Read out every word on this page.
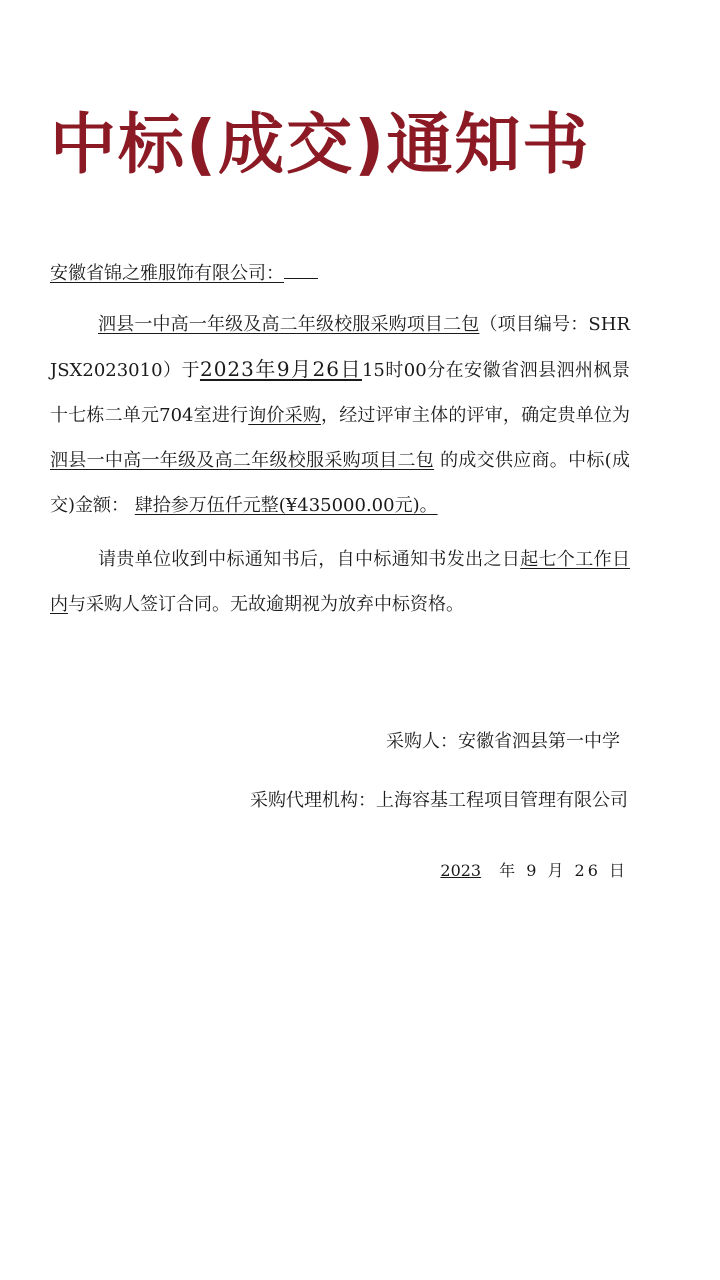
中标(成交)通知书
安徽省锦之雅服饰有限公司：

泗县一中高一年级及高二年级校服采购项目二包（项目编号：SHRJSX2023010）于2023年9月26日15时00分在安徽省泗县泗州枫景十七栋二单元704室进行询价采购，经过评审主体的评审，确定贵单位为 泗县一中高一年级及高二年级校服采购项目二包 的成交供应商。中标(成交)金额： 肆拾参万伍仟元整(¥435000.00元)。

请贵单位收到中标通知书后，自中标通知书发出之日起七个工作日 内与采购人签订合同。无故逾期视为放弃中标资格。

采购人：安徽省泗县第一中学
采购代理机构：上海容基工程项目管理有限公司
2023 年 9 月 26 日
